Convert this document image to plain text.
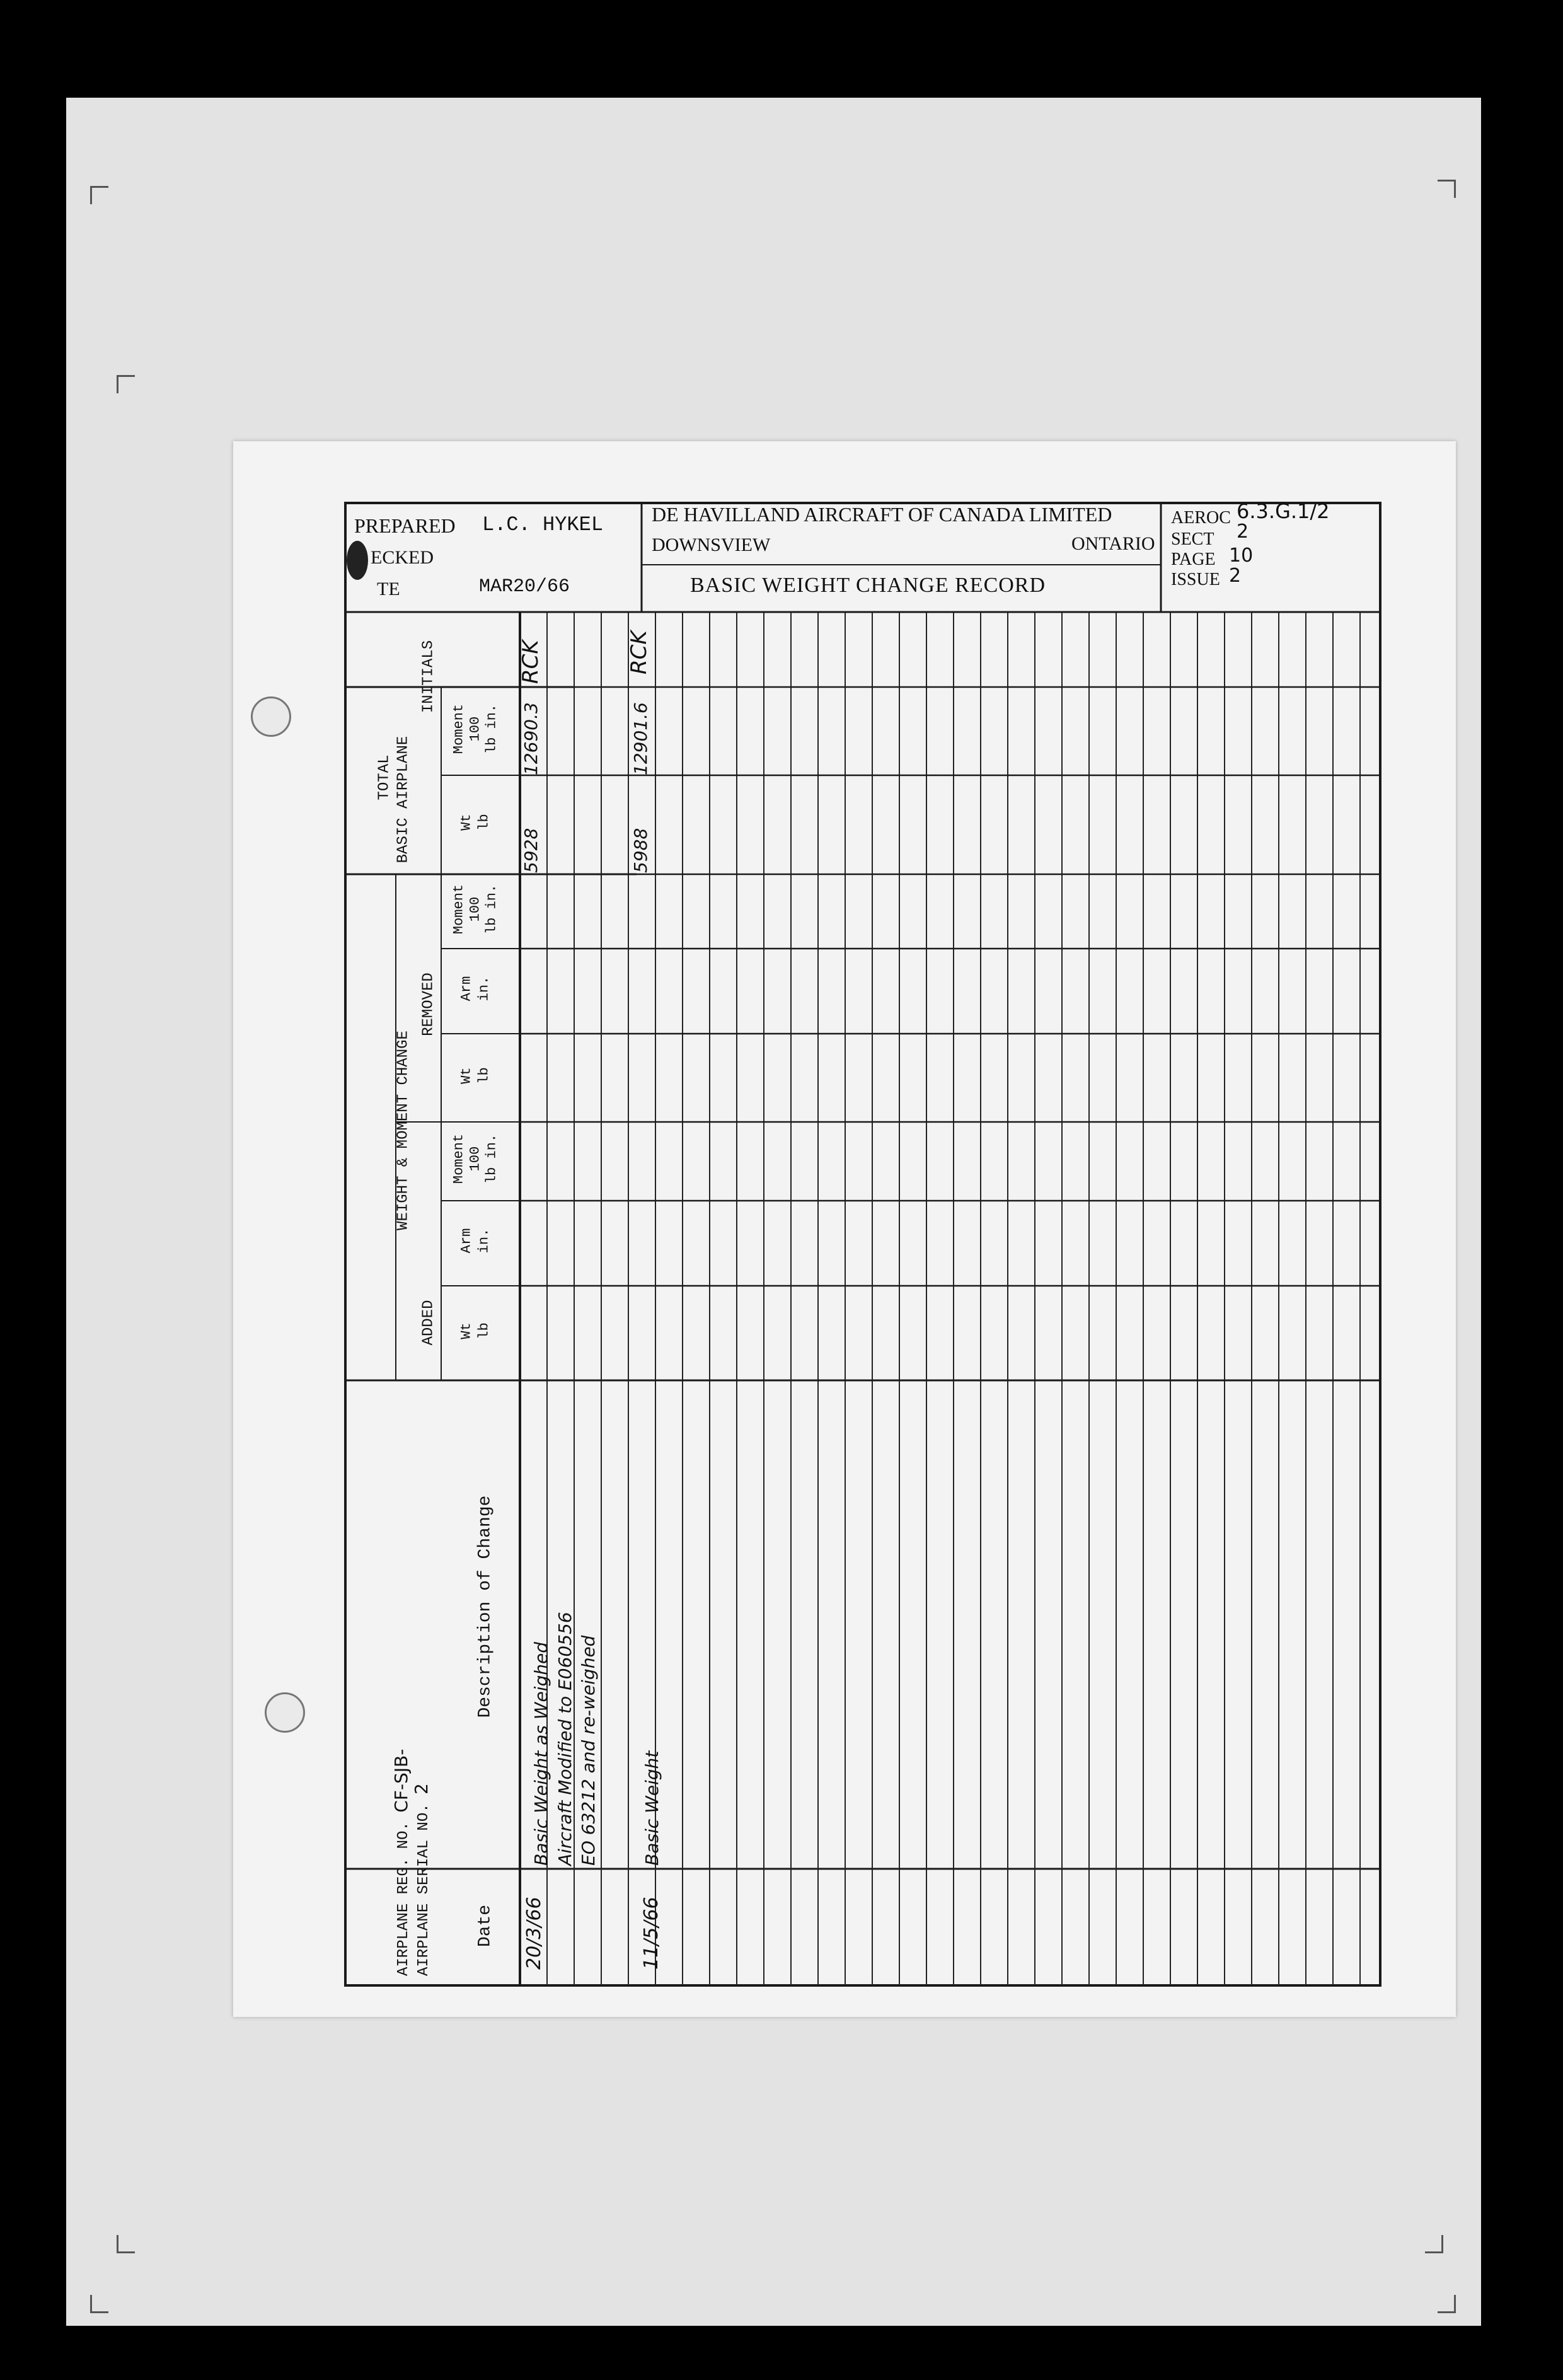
PREPARED L.C. HYKEL
ECKED
TE	MAR20/66
DE HAVILLAND AIRCRAFT OF CANADA LIMITED
DOWNSVIEW	ONTARIO
BASIC WEIGHT CHANGE RECORD
AEROC 6.3.G.1/2
SECT 2
PAGE 10
ISSUE 2
AIRPLANE REG. NO. CF-SJB-
AIRPLANE SERIAL NO. 2
Date
Description of Change
WEIGHT & MOMENT CHANGE
ADDED
REMOVED
TOTAL BASIC AIRPLANE
INITIALS
Moment 100 lb in.
Wt lb
Moment 100 lb in.
Arm in.
Wt lb
Moment 100 lb in.
Arm in.
Wt lb
20/3/66
Basic Weight as Weighed Aircraft Modified to E060556 EO 63212 and re-weighed
5928
12690.3
RCK
11/5/66
Basic Weight
5988
12901.6
RCK
